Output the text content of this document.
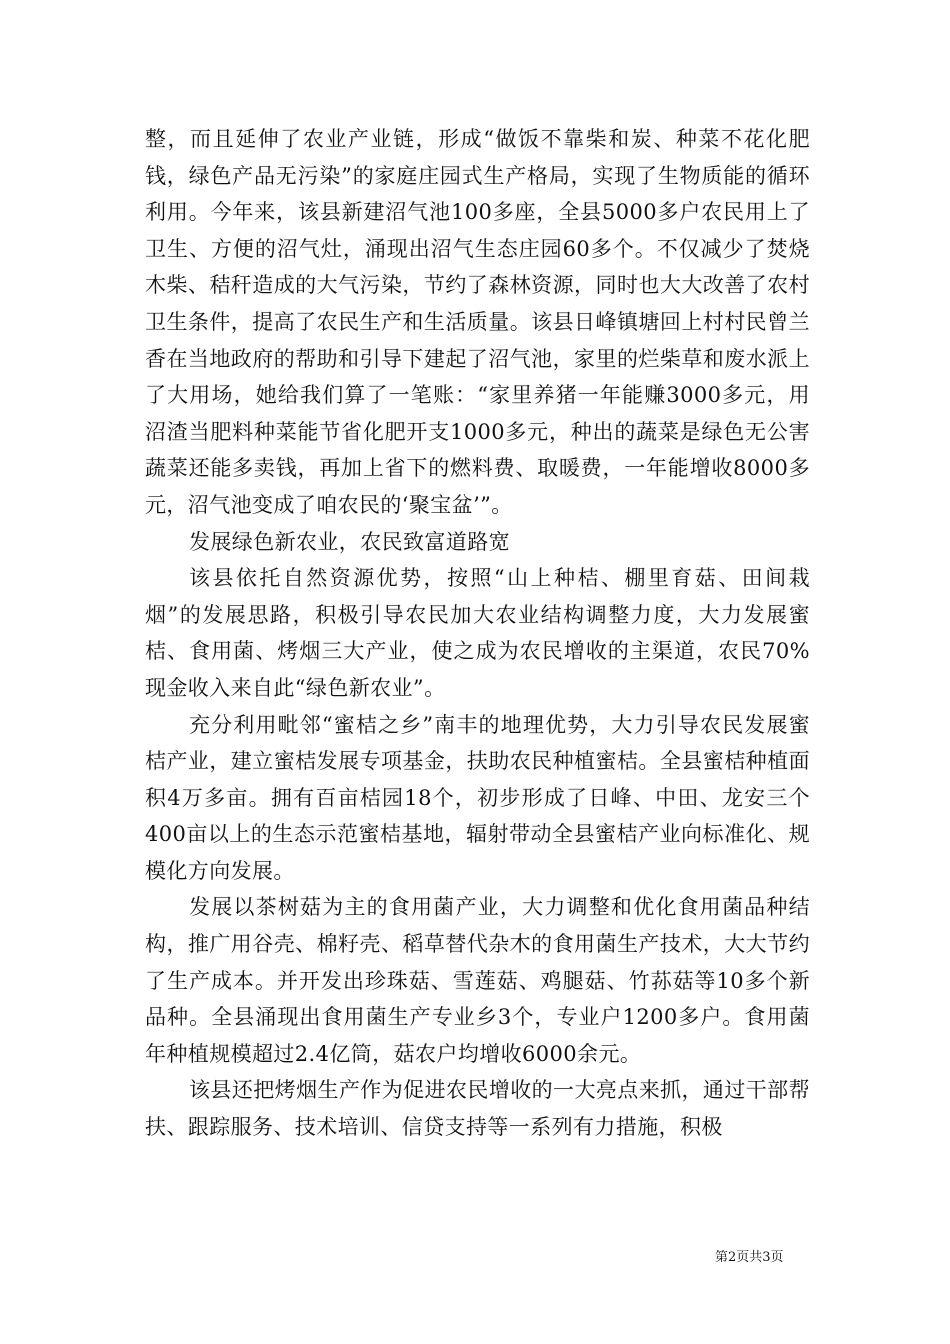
整，而且延伸了农业产业链，形成“做饭不靠柴和炭、种菜不花化肥钱，绿色产品无污染”的家庭庄园式生产格局，实现了生物质能的循环利用。今年来，该县新建沼气池100多座，全县5000多户农民用上了卫生、方便的沼气灶，涌现出沼气生态庄园60多个。不仅减少了焚烧木柴、秸秆造成的大气污染，节约了森林资源，同时也大大改善了农村卫生条件，提高了农民生产和生活质量。该县日峰镇塘回上村村民曾兰香在当地政府的帮助和引导下建起了沼气池，家里的烂柴草和废水派上了大用场，她给我们算了一笔账：“家里养猪一年能赚3000多元，用沼渣当肥料种菜能节省化肥开支1000多元，种出的蔬菜是绿色无公害蔬菜还能多卖钱，再加上省下的燃料费、取暖费，一年能增收8000多元，沼气池变成了咱农民的‘聚宝盆’”。

发展绿色新农业，农民致富道路宽

该县依托自然资源优势，按照“山上种桔、棚里育菇、田间栽烟”的发展思路，积极引导农民加大农业结构调整力度，大力发展蜜桔、食用菌、烤烟三大产业，使之成为农民增收的主渠道，农民70%现金收入来自此“绿色新农业”。

充分利用毗邻“蜜桔之乡”南丰的地理优势，大力引导农民发展蜜桔产业，建立蜜桔发展专项基金，扶助农民种植蜜桔。全县蜜桔种植面积4万多亩。拥有百亩桔园18个，初步形成了日峰、中田、龙安三个400亩以上的生态示范蜜桔基地，辐射带动全县蜜桔产业向标准化、规模化方向发展。

发展以茶树菇为主的食用菌产业，大力调整和优化食用菌品种结构，推广用谷壳、棉籽壳、稻草替代杂木的食用菌生产技术，大大节约了生产成本。并开发出珍珠菇、雪莲菇、鸡腿菇、竹荪菇等10多个新品种。全县涌现出食用菌生产专业乡3个，专业户1200多户。食用菌年种植规模超过2.4亿筒，菇农户均增收6000余元。

该县还把烤烟生产作为促进农民增收的一大亮点来抓，通过干部帮扶、跟踪服务、技术培训、信贷支持等一系列有力措施，积极

第2页共3页
